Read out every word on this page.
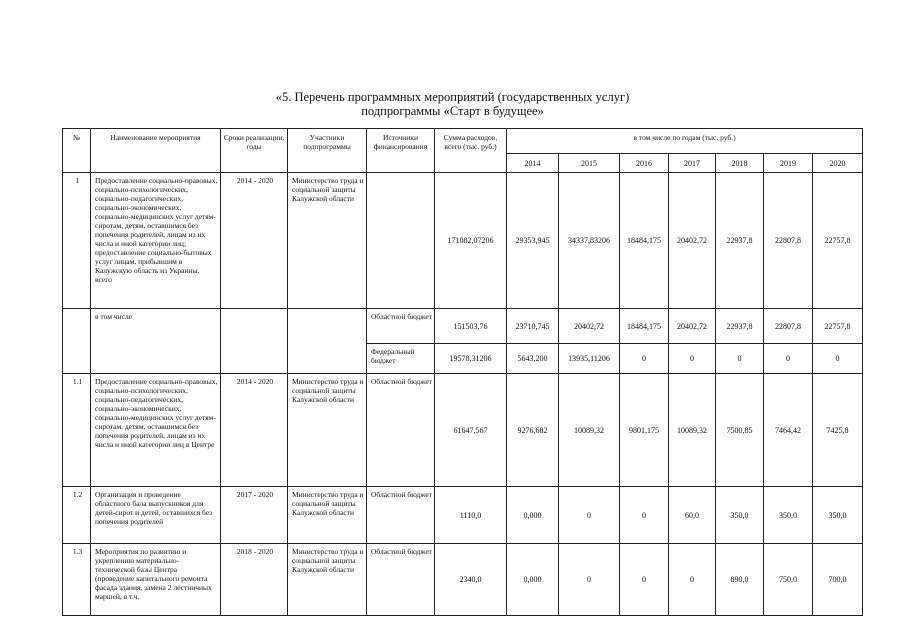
«5. Перечень программных мероприятий (государственных услуг)
подпрограммы «Старт в будущее»
№	Наименование мероприятия	Сроки реализации, годы	Участники подпрограммы	Источники финансирования	Сумма расходов, всего (тыс. руб.)	в том числе по годам (тыс. руб.)						
						2014	2015	2016	2017	2018	2019	2020
1	Предоставление социально-правовых, социально-психологических, социально-педагогических, социально-экономических, социально-медицинских услуг детям-сиротам, детям, оставшимся без попечения родителей, лицам из их числа и иной категории лиц; предоставление социально-бытовых услуг лицам, прибывшим в Калужскую область из Украины, всего	2014 - 2020	Министерство труда и социальной защиты Калужской области		171082,07206	29353,945	34337,83206	18484,175	20402,72	22937,8	22807,8	22757,8
	в том числе			Областной бюджет	151503,76	23710,745	20402,72	18484,175	20402,72	22937,8	22807,8	22757,8
				Федеральный бюджет	19578,31206	5643,200	13935,11206	0	0	0	0	0
1.1	Предоставление социально-правовых, социально-психологических, социально-педагогических, социально-экономических, социально-медицинских услуг детям-сиротам, детям, оставшимся без попечения родителей, лицам из их числа и иной категории лиц в Центре	2014 - 2020	Министерство труда и социальной защиты Калужской области	Областной бюджет	61647,567	9276,682	10089,32	9801,175	10089,32	7500,85	7464,42	7425,8
1.2	Организация и проведение областного бала выпускников для детей-сирот и детей, оставшихся без попечения родителей	2017 - 2020	Министерство труда и социальной защиты Калужской области	Областной бюджет	1110,0	0,000	0	0	60,0	350,0	350,0	350,0
1.3	Мероприятия по развитию и укреплению материально-технической базы Центра (проведение капитального ремонта фасада здания, замена 2 лестничных маршей, в т.ч.	2018 - 2020	Министерство труда и социальной защиты Калужской области	Областной бюджет	2340,0	0,000	0	0	0	890,0	750,0	700,0
